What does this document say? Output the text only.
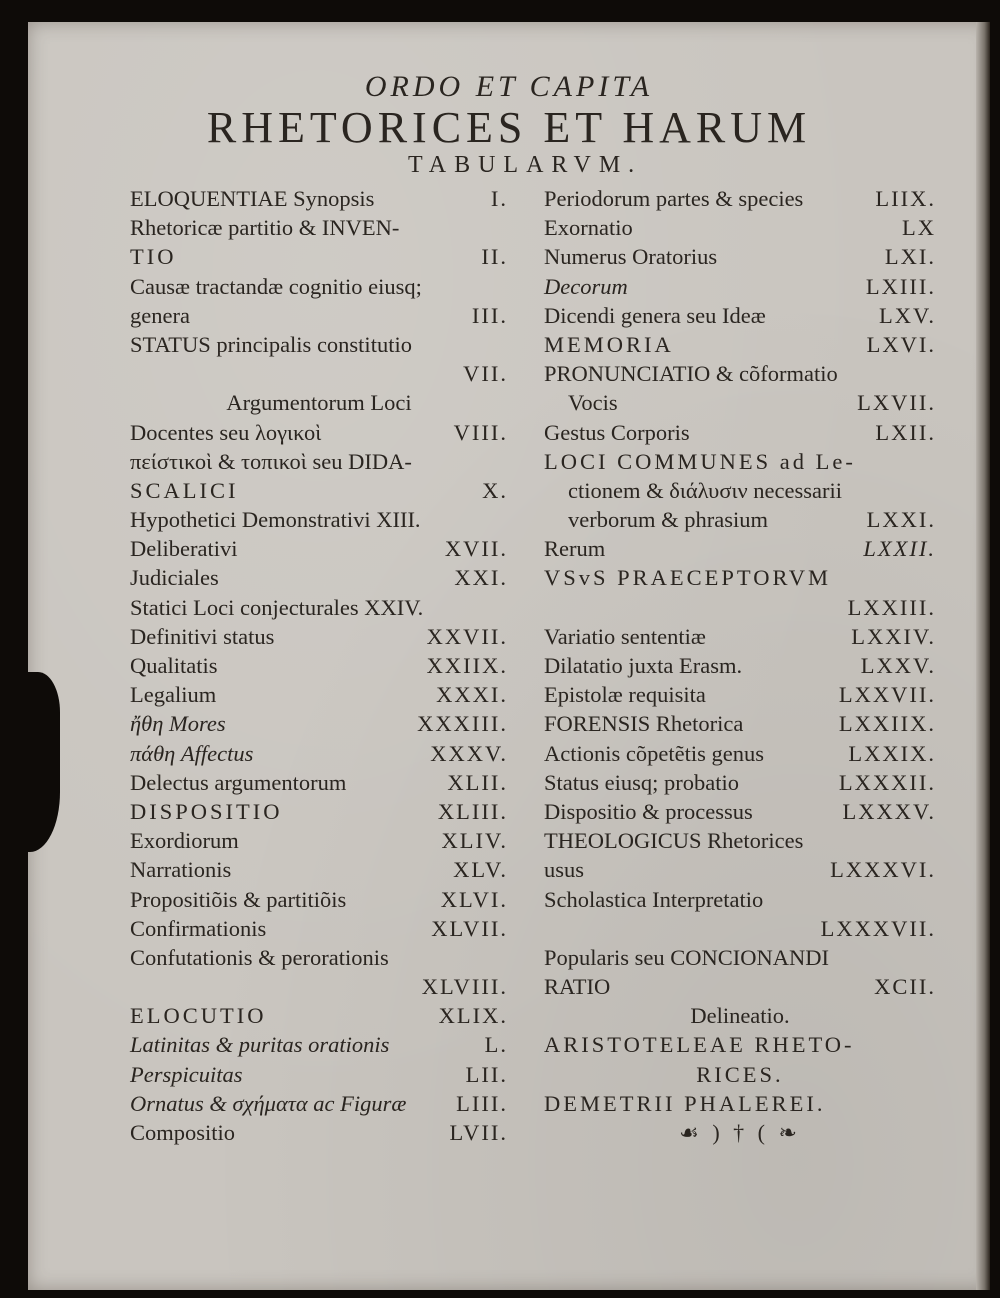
ORDO ET CAPITA
RHETORICES ET HARUM
TABULARVM.
ELOQUENTIAE Synopsis	I.
Rhetoricæ partitio & INVEN-
TIO	II.
Causæ tractandæ cognitio eiusq;
genera	III.
STATUS principalis constitutio
VII.
Argumentorum Loci
Docentes seu λογικοὶ	VIII.
πείστικοὶ & τοπικοὶ seu DIDA-
SCALICI	X.
Hypothetici Demonstrativi XIII.
Deliberativi	XVII.
Judiciales	XXI.
Statici Loci conjecturales XXIV.
Definitivi status	XXVII.
Qualitatis	XXIIX.
Legalium	XXXI.
ἤθη Mores	XXXIII.
πάθη Affectus	XXXV.
Delectus argumentorum	XLII.
DISPOSITIO	XLIII.
Exordiorum	XLIV.
Narrationis	XLV.
Propositiõis & partitiõis	XLVI.
Confirmationis	XLVII.
Confutationis & perorationis
XLVIII.
ELOCUTIO	XLIX.
Latinitas & puritas orationis	L.
Perspicuitas	LII.
Ornatus & σχήματα ac Figuræ LIII.
Compositio	LVII.
Periodorum partes & species	LIIX.
Exornatio	LX
Numerus Oratorius	LXI.
Decorum	LXIII.
Dicendi genera seu Ideæ	LXV.
MEMORIA	LXVI.
PRONUNCIATIO & cõformatio
Vocis	LXVII.
Gestus Corporis	LXII.
LOCI COMMUNES ad Le-
ctionem & διάλυσιν necessarii
verborum & phrasium	LXXI.
Rerum	LXXII.
VSvS PRAECEPTORVM
LXXIII.
Variatio sententiæ	LXXIV.
Dilatatio juxta Erasm.	LXXV.
Epistolæ requisita	LXXVII.
FORENSIS Rhetorica	LXXIIX.
Actionis cõpetẽtis genus	LXXIX.
Status eiusq; probatio	LXXXII.
Dispositio & processus	LXXXV.
THEOLOGICUS Rhetorices
usus	LXXXVI.
Scholastica Interpretatio
LXXXVII.
Popularis seu CONCIONANDI
RATIO	XCII.
Delineatio.
ARISTOTELEAE RHETO-
RICES.
DEMETRII PHALEREI.
☙ ) † ( ❧
